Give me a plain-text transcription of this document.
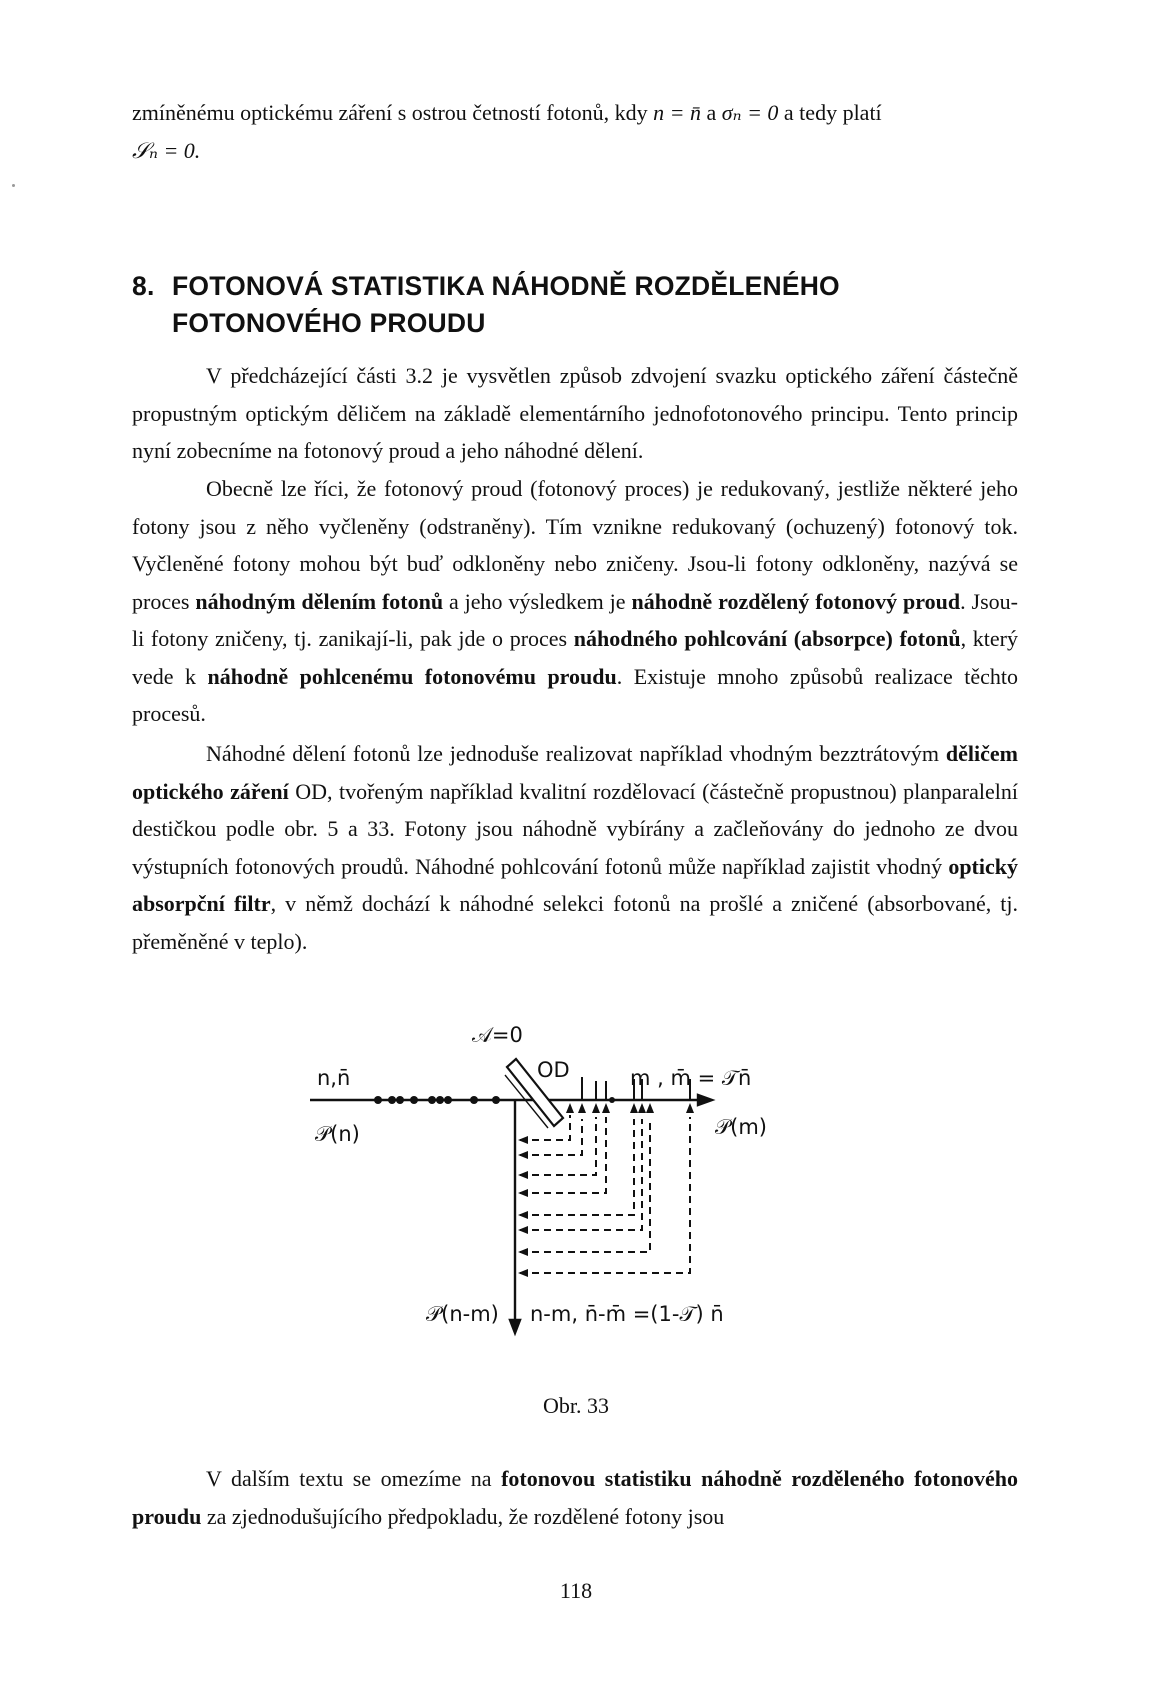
zmíněnému optickému záření s ostrou četností fotonů, kdy n = n̄ a σₙ = 0 a tedy platí
𝒮ₙ = 0.

8. FOTONOVÁ STATISTIKA NÁHODNĚ ROZDĚLENÉHO
FOTONOVÉHO PROUDU

V předcházející části 3.2 je vysvětlen způsob zdvojení svazku optického záření částečně propustným optickým děličem na základě elementárního jednofotonového principu. Tento princip nyní zobecníme na fotonový proud a jeho náhodné dělení.

Obecně lze říci, že fotonový proud (fotonový proces) je redukovaný, jestliže některé jeho fotony jsou z něho vyčleněny (odstraněny). Tím vznikne redukovaný (ochuzený) fotonový tok. Vyčleněné fotony mohou být buď odkloněny nebo zničeny. Jsou-li fotony odkloněny, nazývá se proces náhodným dělením fotonů a jeho výsledkem je náhodně rozdělený fotonový proud. Jsou-li fotony zničeny, tj. zanikají-li, pak jde o proces náhodného pohlcování (absorpce) fotonů, který vede k náhodně pohlcenému fotonovému proudu. Existuje mnoho způsobů realizace těchto procesů.

Náhodné dělení fotonů lze jednoduše realizovat například vhodným bezztrátovým děličem optického záření OD, tvořeným například kvalitní rozdělovací (částečně propustnou) planparalelní destičkou podle obr. 5 a 33. Fotony jsou náhodně vybírány a začleňovány do jednoho ze dvou výstupních fotonových proudů. Náhodné pohlcování fotonů může například zajistit vhodný optický absorpční filtr, v němž dochází k náhodné selekci fotonů na prošlé a zničené (absorbované, tj. přeměněné v teplo).

𝒜=0
OD
n,n̄
𝒫(n)
m , m̄ = 𝒯n̄
𝒫(m)
𝒫(n-m) n-m, n̄-m̄ =(1-𝒯) n̄
Obr. 33

V dalším textu se omezíme na fotonovou statistiku náhodně rozděleného fotonového proudu za zjednodušujícího předpokladu, že rozdělené fotony jsou

118
